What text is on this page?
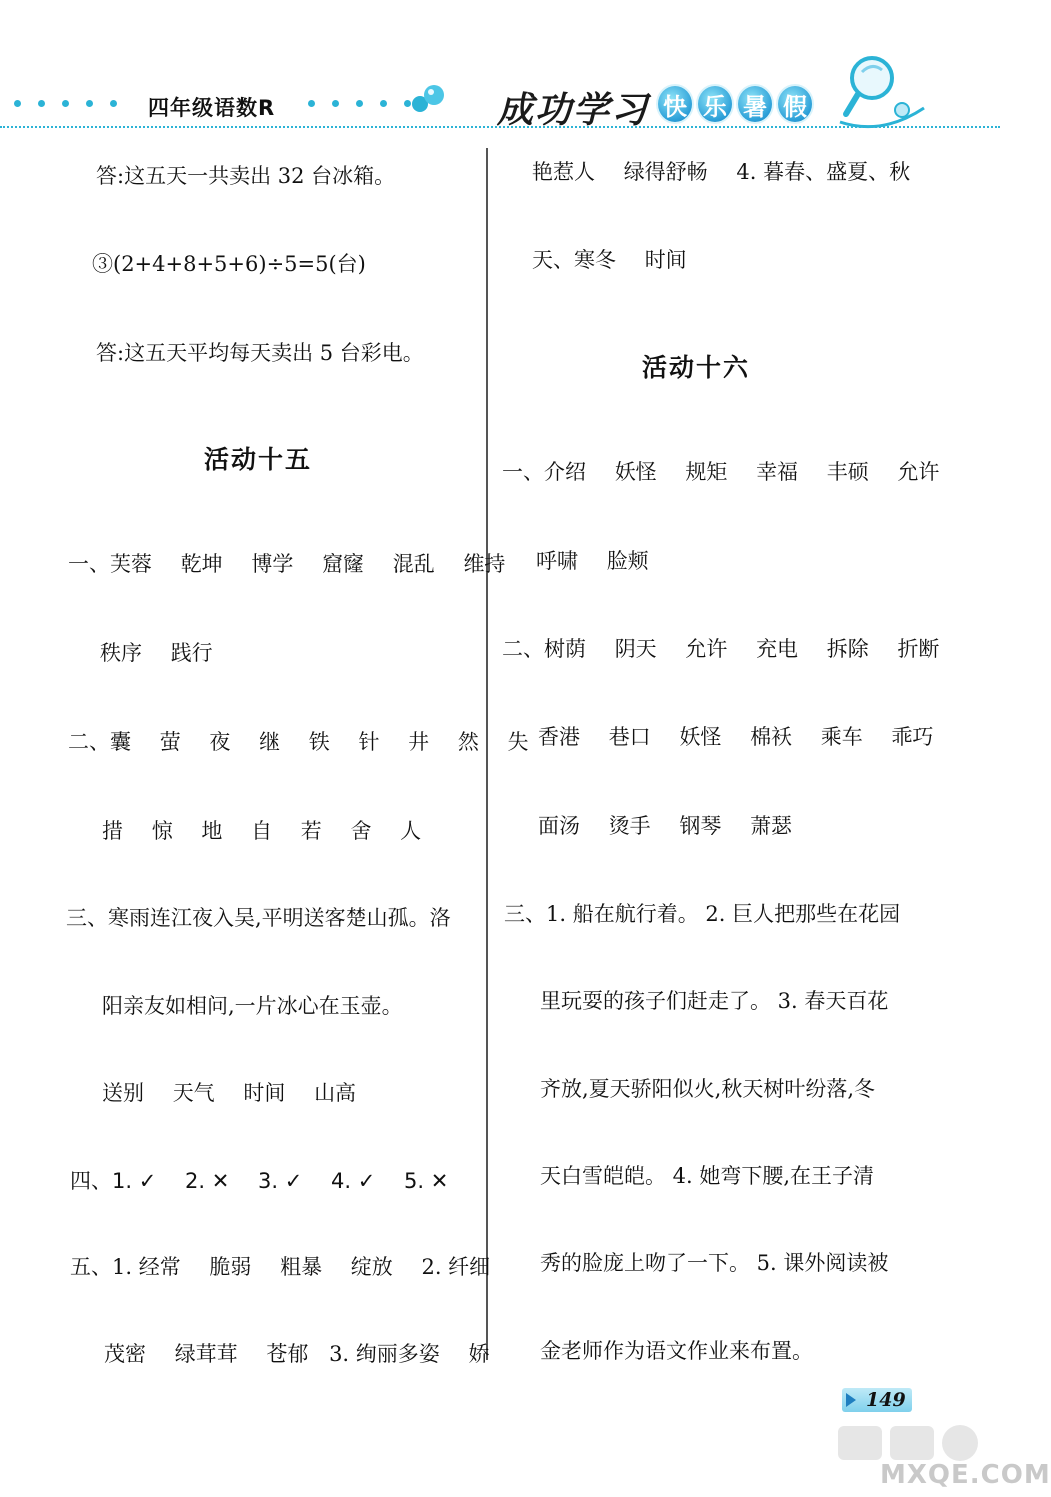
四年级语数R	成功学习 快 乐 暑 假
答:这五天一共卖出 32 台冰箱。
③(2+4+8+5+6)÷5=5(台)
答:这五天平均每天卖出 5 台彩电。
活动十五
一、芙蓉 乾坤 博学 窟窿 混乱 维持
秩序 践行
二、囊 萤 夜 继 铁 针 井 然 失
措 惊 地 自 若 舍 人
三、寒雨连江夜入吴,平明送客楚山孤。洛
阳亲友如相问,一片冰心在玉壶。
送别 天气 时间 山高
四、1. ✓ 2. ✕ 3. ✓ 4. ✓ 5. ✕
五、1. 经常 脆弱 粗暴 绽放 2. 纤细
茂密 绿茸茸 苍郁 3. 绚丽多姿 娇
艳惹人 绿得舒畅 4. 暮春、盛夏、秋
天、寒冬 时间
活动十六
一、介绍 妖怪 规矩 幸福 丰硕 允许
呼啸 脸颊
二、树荫 阴天 允许 充电 拆除 折断
香港 巷口 妖怪 棉袄 乘车 乖巧
面汤 烫手 钢琴 萧瑟
三、1. 船在航行着。 2. 巨人把那些在花园
里玩耍的孩子们赶走了。 3. 春天百花
齐放,夏天骄阳似火,秋天树叶纷落,冬
天白雪皑皑。 4. 她弯下腰,在王子清
秀的脸庞上吻了一下。 5. 课外阅读被
金老师作为语文作业来布置。
149
MXQE.COM
